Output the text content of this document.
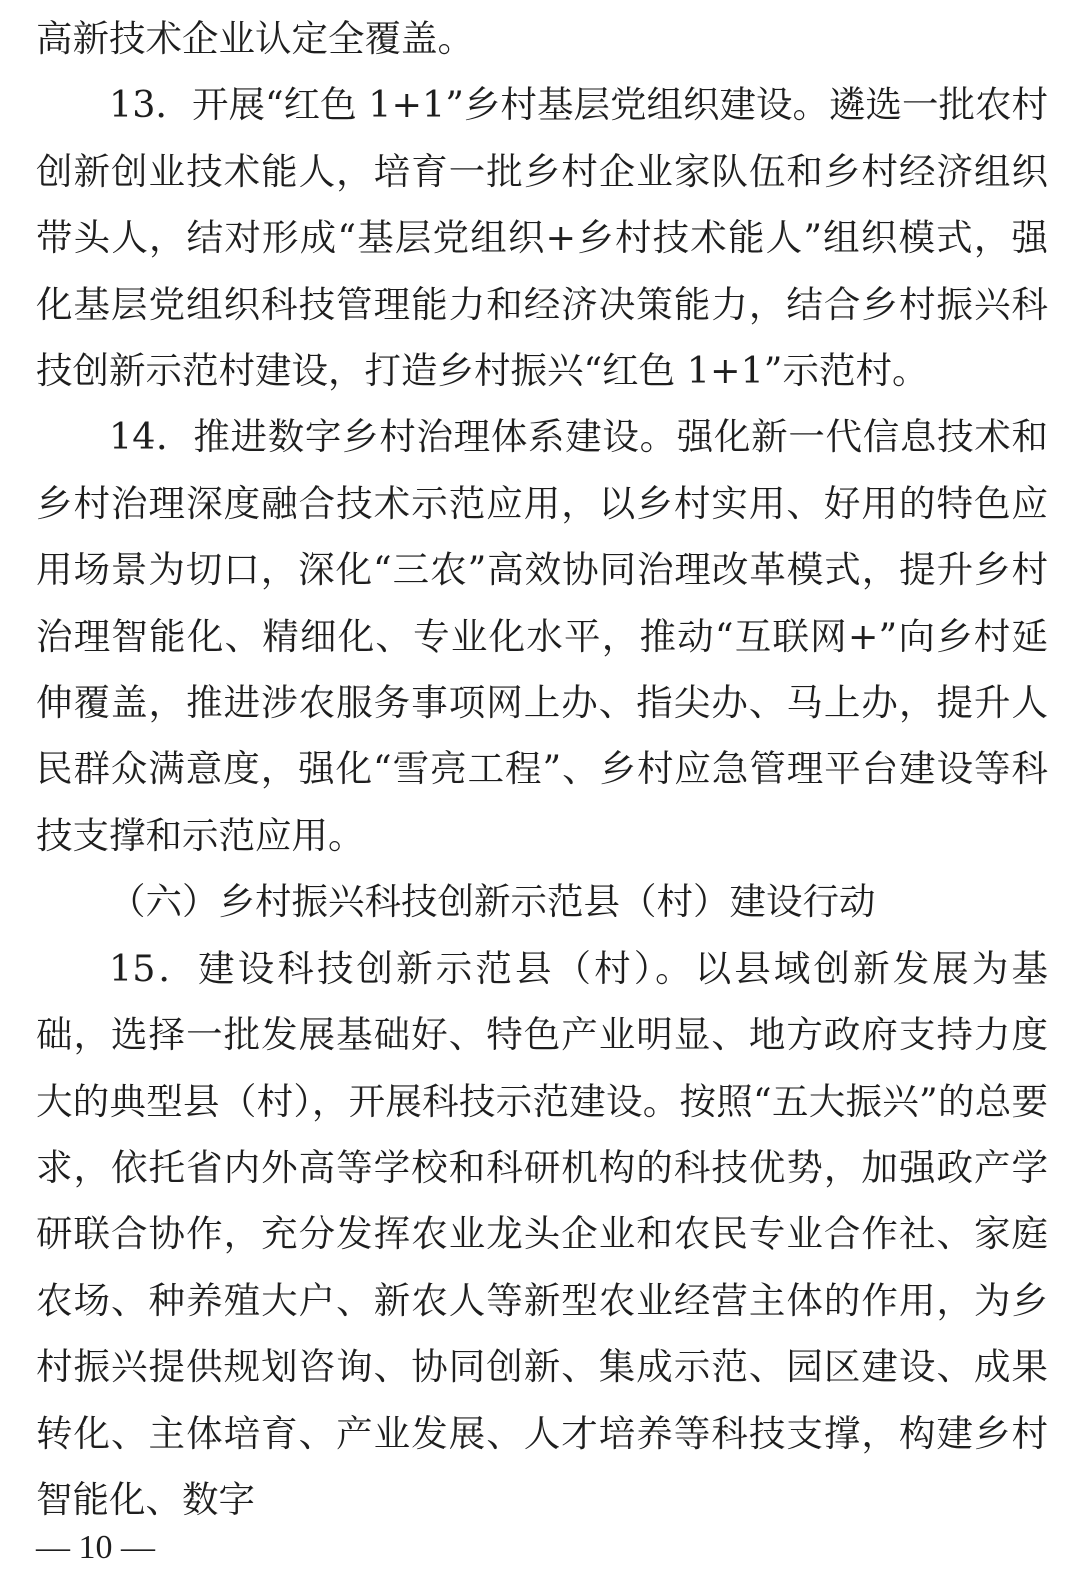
高新技术企业认定全覆盖。

13．开展“红色 1+1”乡村基层党组织建设。遴选一批农村创新创业技术能人，培育一批乡村企业家队伍和乡村经济组织带头人，结对形成“基层党组织+乡村技术能人”组织模式，强化基层党组织科技管理能力和经济决策能力，结合乡村振兴科技创新示范村建设，打造乡村振兴“红色 1+1”示范村。

14．推进数字乡村治理体系建设。强化新一代信息技术和乡村治理深度融合技术示范应用，以乡村实用、好用的特色应用场景为切口，深化“三农”高效协同治理改革模式，提升乡村治理智能化、精细化、专业化水平，推动“互联网+”向乡村延伸覆盖，推进涉农服务事项网上办、指尖办、马上办，提升人民群众满意度，强化“雪亮工程”、乡村应急管理平台建设等科技支撑和示范应用。

（六）乡村振兴科技创新示范县（村）建设行动

15．建设科技创新示范县（村）。以县域创新发展为基础，选择一批发展基础好、特色产业明显、地方政府支持力度大的典型县（村），开展科技示范建设。按照“五大振兴”的总要求，依托省内外高等学校和科研机构的科技优势，加强政产学研联合协作，充分发挥农业龙头企业和农民专业合作社、家庭农场、种养殖大户、新农人等新型农业经营主体的作用，为乡村振兴提供规划咨询、协同创新、集成示范、园区建设、成果转化、主体培育、产业发展、人才培养等科技支撑，构建乡村智能化、数字

— 10 —
